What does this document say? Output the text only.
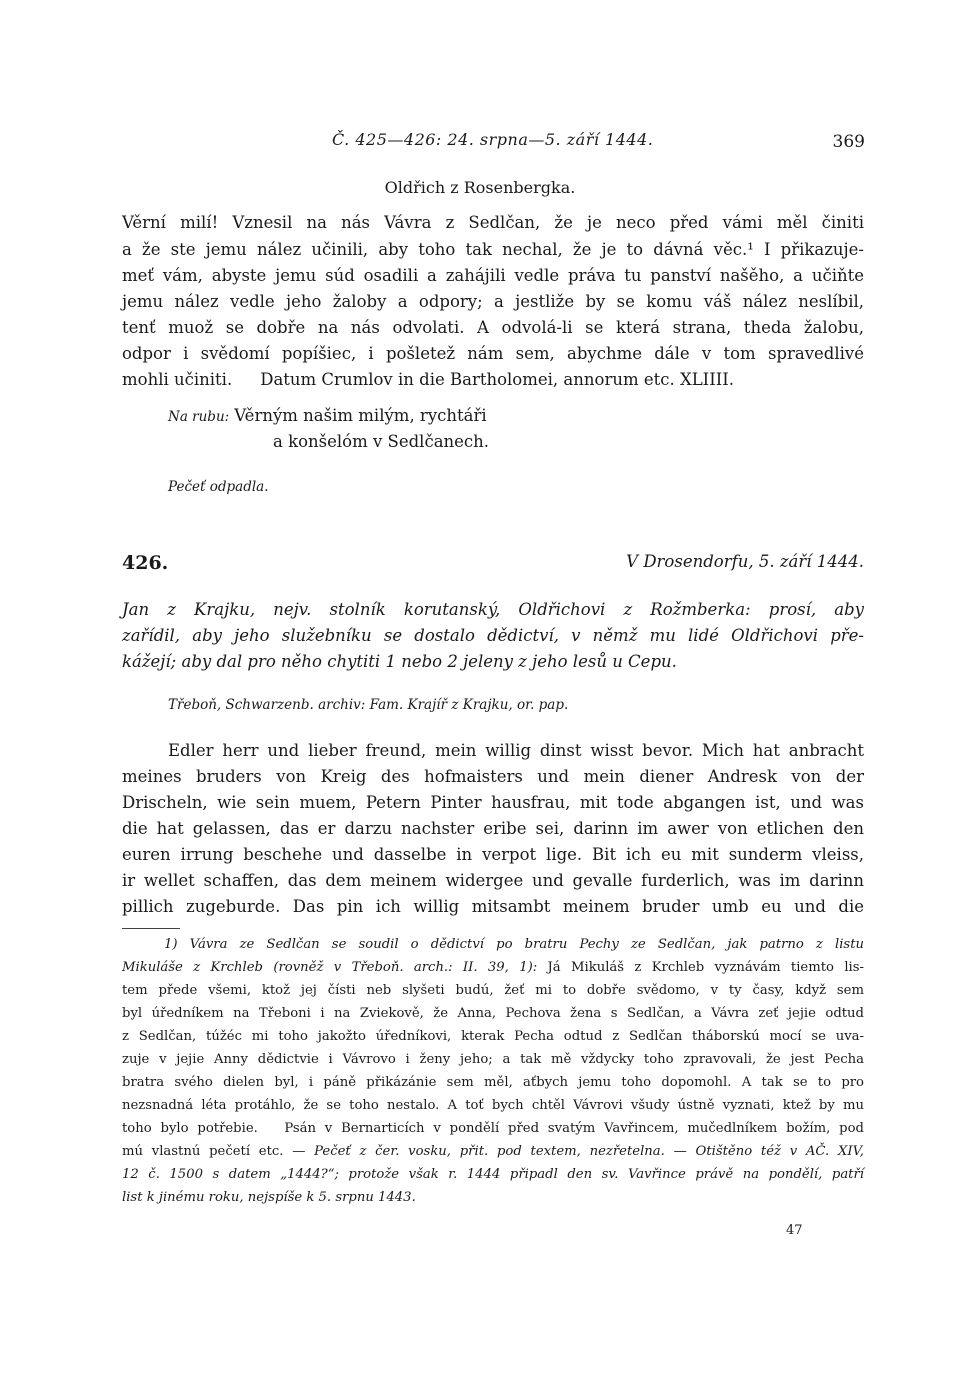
Č. 425—426: 24. srpna—5. září 1444.	369
Oldřich z Rosenbergka.
Věrní milí! Vznesil na nás Vávra z Sedlčan, že je neco před vámi měl činiti
a že ste jemu nález učinili, aby toho tak nechal, že je to dávná věc.¹ I přikazuje-
meť vám, abyste jemu súd osadili a zahájili vedle práva tu panství našěho, a učiňte
jemu nález vedle jeho žaloby a odpory; a jestliže by se komu váš nález neslíbil,
tenť muož se dobře na nás odvolati. A odvolá-li se která strana, theda žalobu,
odpor i svědomí popíšiec, i pošletež nám sem, abychme dále v tom spravedlivé
mohli učiniti. Datum Crumlov in die Bartholomei, annorum etc. XLIIII.
Na rubu: Věrným našim milým, rychtáři
a konšelóm v Sedlčanech.
Pečeť odpadla.
426.	V Drosendorfu, 5. září 1444.
Jan z Krajku, nejv. stolník korutanský, Oldřichovi z Rožmberka: prosí, aby
zařídil, aby jeho služebníku se dostalo dědictví, v němž mu lidé Oldřichovi pře-
kážejí; aby dal pro něho chytiti 1 nebo 2 jeleny z jeho lesů u Cepu.
Třeboň, Schwarzenb. archiv: Fam. Krajíř z Krajku, or. pap.
Edler herr und lieber freund, mein willig dinst wisst bevor. Mich hat anbracht
meines bruders von Kreig des hofmaisters und mein diener Andresk von der
Drischeln, wie sein muem, Petern Pinter hausfrau, mit tode abgangen ist, und was
die hat gelassen, das er darzu nachster eribe sei, darinn im awer von etlichen den
euren irrung beschehe und dasselbe in verpot lige. Bit ich eu mit sunderm vleiss,
ir wellet schaffen, das dem meinem widergee und gevalle furderlich, was im darinn
pillich zugeburde. Das pin ich willig mitsambt meinem bruder umb eu und die
1) Vávra ze Sedlčan se soudil o dědictví po bratru Pechy ze Sedlčan, jak patrno z listu
Mikuláše z Krchleb (rovněž v Třeboň. arch.: II. 39, 1): Já Mikuláš z Krchleb vyznávám tiemto lis-
tem přede všemi, ktož jej čísti neb slyšeti budú, žeť mi to dobře svědomo, v ty časy, když sem
byl úředníkem na Třeboni i na Zviekově, že Anna, Pechova žena s Sedlčan, a Vávra zeť jejie odtud
z Sedlčan, túžéc mi toho jakožto úředníkovi, kterak Pecha odtud z Sedlčan tháborskú mocí se uva-
zuje v jejie Anny dědictvie i Vávrovo i ženy jeho; a tak mě vždycky toho zpravovali, že jest Pecha
bratra svého dielen byl, i páně přikázánie sem měl, aťbych jemu toho dopomohl. A tak se to pro
nezsnadná léta protáhlo, že se toho nestalo. A toť bych chtěl Vávrovi všudy ústně vyznati, ktež by mu
toho bylo potřebie.   Psán v Bernarticích v pondělí před svatým Vavřincem, mučedlníkem božím, pod
mú vlastnú pečetí etc. — Pečeť z čer. vosku, přit. pod textem, nezřetelna. — Otištěno též v AČ. XIV,
12 č. 1500 s datem „1444?“; protože však r. 1444 připadl den sv. Vavřince právě na pondělí, patří
list k jinému roku, nejspíše k 5. srpnu 1443.
47
